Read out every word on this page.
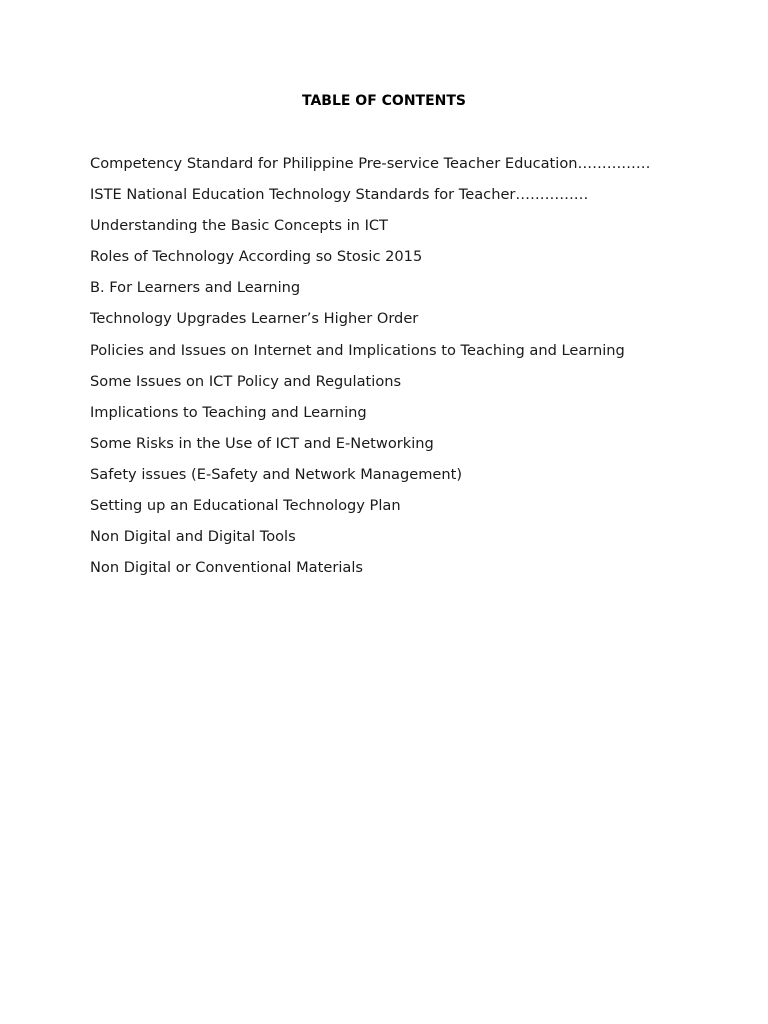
TABLE OF CONTENTS
Competency Standard for Philippine Pre-service Teacher Education……………
ISTE National Education Technology Standards for Teacher……………
Understanding the Basic Concepts in ICT
Roles of Technology According so Stosic 2015
B. For Learners and Learning
Technology Upgrades Learner’s Higher Order
Policies and Issues on Internet and Implications to Teaching and Learning
Some Issues on ICT Policy and Regulations
Implications to Teaching and Learning
Some Risks in the Use of ICT and E-Networking
Safety issues (E-Safety and Network Management)
Setting up an Educational Technology Plan
Non Digital and Digital Tools
Non Digital or Conventional Materials
